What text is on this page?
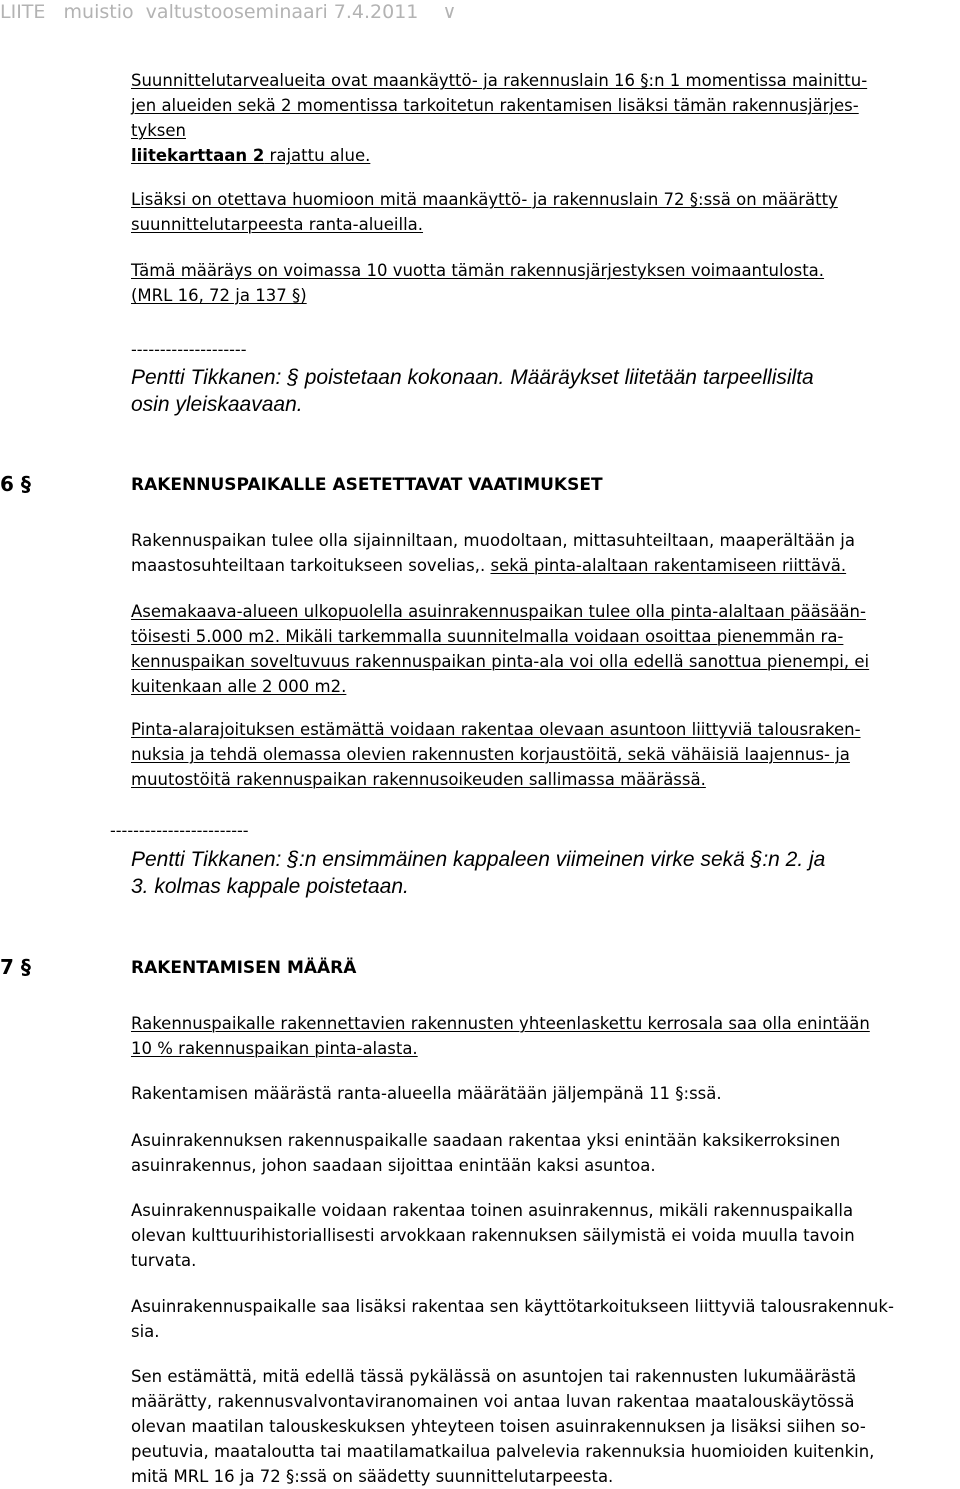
LIITE   muistio  valtustooseminaari 7.4.2011    ∨
Suunnittelutarvealueita ovat maankäyttö- ja rakennuslain 16 §:n 1 momentissa mainittu-
jen alueiden sekä 2 momentissa tarkoitetun rakentamisen lisäksi tämän rakennusjärjes-
tyksen
liitekarttaan 2 rajattu alue.
Lisäksi on otettava huomioon mitä maankäyttö- ja rakennuslain 72 §:ssä on määrätty
suunnittelutarpeesta ranta-alueilla.
Tämä määräys on voimassa 10 vuotta tämän rakennusjärjestyksen voimaantulosta.
(MRL 16, 72 ja 137 §)
--------------------
Pentti Tikkanen: § poistetaan kokonaan. Määräykset liitetään tarpeellisilta
osin yleiskaavaan.
6 §	RAKENNUSPAIKALLE ASETETTAVAT VAATIMUKSET
Rakennuspaikan tulee olla sijainniltaan, muodoltaan, mittasuhteiltaan, maaperältään ja
maastosuhteiltaan tarkoitukseen sovelias,. sekä pinta-alaltaan rakentamiseen riittävä.
Asemakaava-alueen ulkopuolella asuinrakennuspaikan tulee olla pinta-alaltaan pääsään-
töisesti 5.000 m2. Mikäli tarkemmalla suunnitelmalla voidaan osoittaa pienemmän ra-
kennuspaikan soveltuvuus rakennuspaikan pinta-ala voi olla edellä sanottua pienempi, ei
kuitenkaan alle 2 000 m2.
Pinta-alarajoituksen estämättä voidaan rakentaa olevaan asuntoon liittyviä talousraken-
nuksia ja tehdä olemassa olevien rakennusten korjaustöitä, sekä vähäisiä laajennus- ja
muutostöitä rakennuspaikan rakennusoikeuden sallimassa määrässä.
------------------------
Pentti Tikkanen: §:n ensimmäinen kappaleen viimeinen virke sekä §:n 2. ja
3. kolmas kappale poistetaan.
7 §	RAKENTAMISEN MÄÄRÄ
Rakennuspaikalle rakennettavien rakennusten yhteenlaskettu kerrosala saa olla enintään
10 % rakennuspaikan pinta-alasta.
Rakentamisen määrästä ranta-alueella määrätään jäljempänä 11 §:ssä.
Asuinrakennuksen rakennuspaikalle saadaan rakentaa yksi enintään kaksikerroksinen
asuinrakennus, johon saadaan sijoittaa enintään kaksi asuntoa.
Asuinrakennuspaikalle voidaan rakentaa toinen asuinrakennus, mikäli rakennuspaikalla
olevan kulttuurihistoriallisesti arvokkaan rakennuksen säilymistä ei voida muulla tavoin
turvata.
Asuinrakennuspaikalle saa lisäksi rakentaa sen käyttötarkoitukseen liittyviä talousrakennuk-
sia.
Sen estämättä, mitä edellä tässä pykälässä on asuntojen tai rakennusten lukumäärästä
määrätty, rakennusvalvontaviranomainen voi antaa luvan rakentaa maatalouskäytössä
olevan maatilan talouskeskuksen yhteyteen toisen asuinrakennuksen ja lisäksi siihen so-
peutuvia, maataloutta tai maatilamatkailua palvelevia rakennuksia huomioiden kuitenkin,
mitä MRL 16 ja 72 §:ssä on säädetty suunnittelutarpeesta.
